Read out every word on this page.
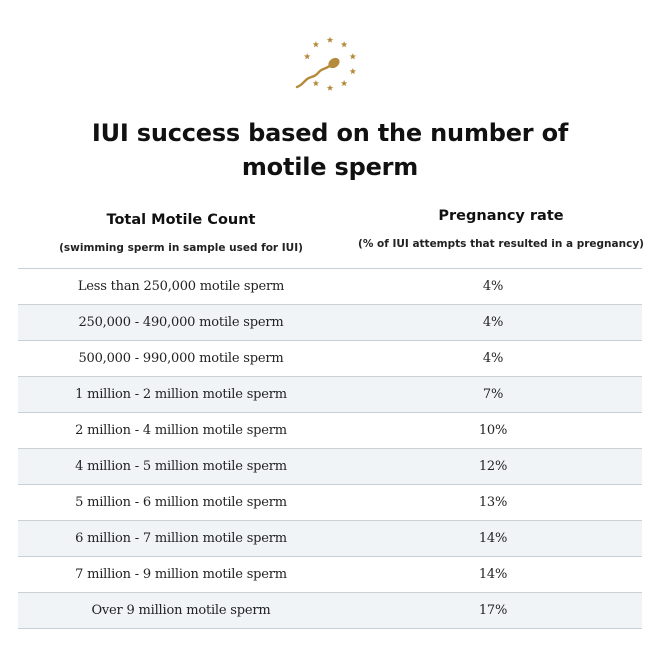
IUI success based on the number of
motile sperm
Total Motile Count
(swimming sperm in sample used for IUI)
Pregnancy rate
(% of IUI attempts that resulted in a pregnancy)
Less than 250,000 motile sperm	4%
250,000 - 490,000 motile sperm	4%
500,000 - 990,000 motile sperm	4%
1 million - 2 million motile sperm	7%
2 million - 4 million motile sperm	10%
4 million - 5 million motile sperm	12%
5 million - 6 million motile sperm	13%
6 million - 7 million motile sperm	14%
7 million - 9 million motile sperm	14%
Over 9 million motile sperm	17%
